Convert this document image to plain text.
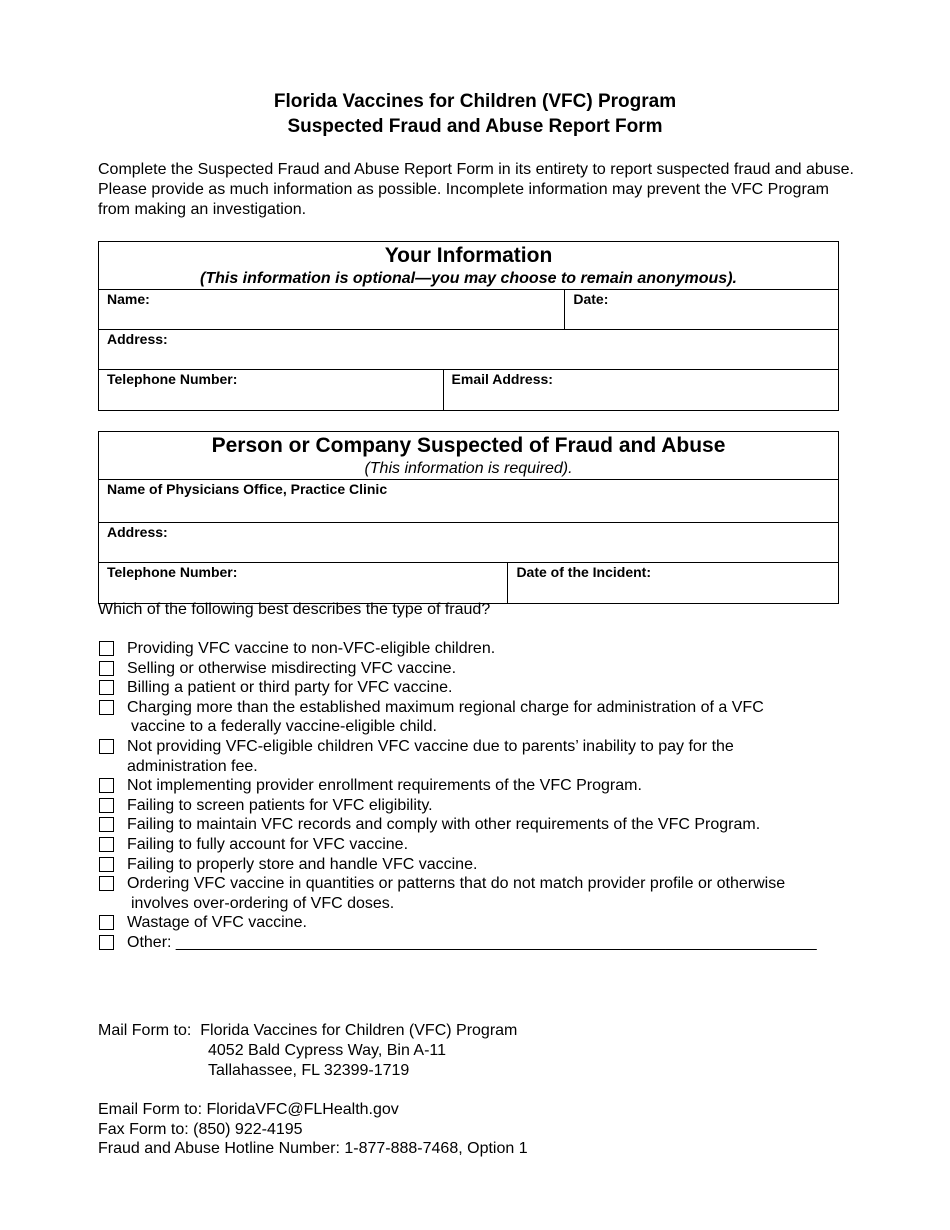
Florida Vaccines for Children (VFC) Program
Suspected Fraud and Abuse Report Form
Complete the Suspected Fraud and Abuse Report Form in its entirety to report suspected fraud and abuse. Please provide as much information as possible. Incomplete information may prevent the VFC Program from making an investigation.
Your Information
(This information is optional—you may choose to remain anonymous).		

Name:		Date:

Address:		

Telephone Number:	Email Address:	
Person or Company Suspected of Fraud and Abuse
(This information is required).

Name of Physicians Office, Practice Clinic

Address:

Telephone Number:	Date of the Incident:
Which of the following best describes the type of fraud?
Providing VFC vaccine to non-VFC-eligible children.
Selling or otherwise misdirecting VFC vaccine.
Billing a patient or third party for VFC vaccine.
Charging more than the established maximum regional charge for administration of a VFC
vaccine to a federally vaccine-eligible child.
Not providing VFC-eligible children VFC vaccine due to parents’ inability to pay for the
administration fee.
Not implementing provider enrollment requirements of the VFC Program.
Failing to screen patients for VFC eligibility.
Failing to maintain VFC records and comply with other requirements of the VFC Program.
Failing to fully account for VFC vaccine.
Failing to properly store and handle VFC vaccine.
Ordering VFC vaccine in quantities or patterns that do not match provider profile or otherwise
involves over-ordering of VFC doses.
Wastage of VFC vaccine.
Other: ________________________________________________________________________
Mail Form to: Florida Vaccines for Children (VFC) Program
4052 Bald Cypress Way, Bin A-11
Tallahassee, FL 32399-1719
Email Form to: FloridaVFC@FLHealth.gov
Fax Form to: (850) 922-4195
Fraud and Abuse Hotline Number: 1-877-888-7468, Option 1
